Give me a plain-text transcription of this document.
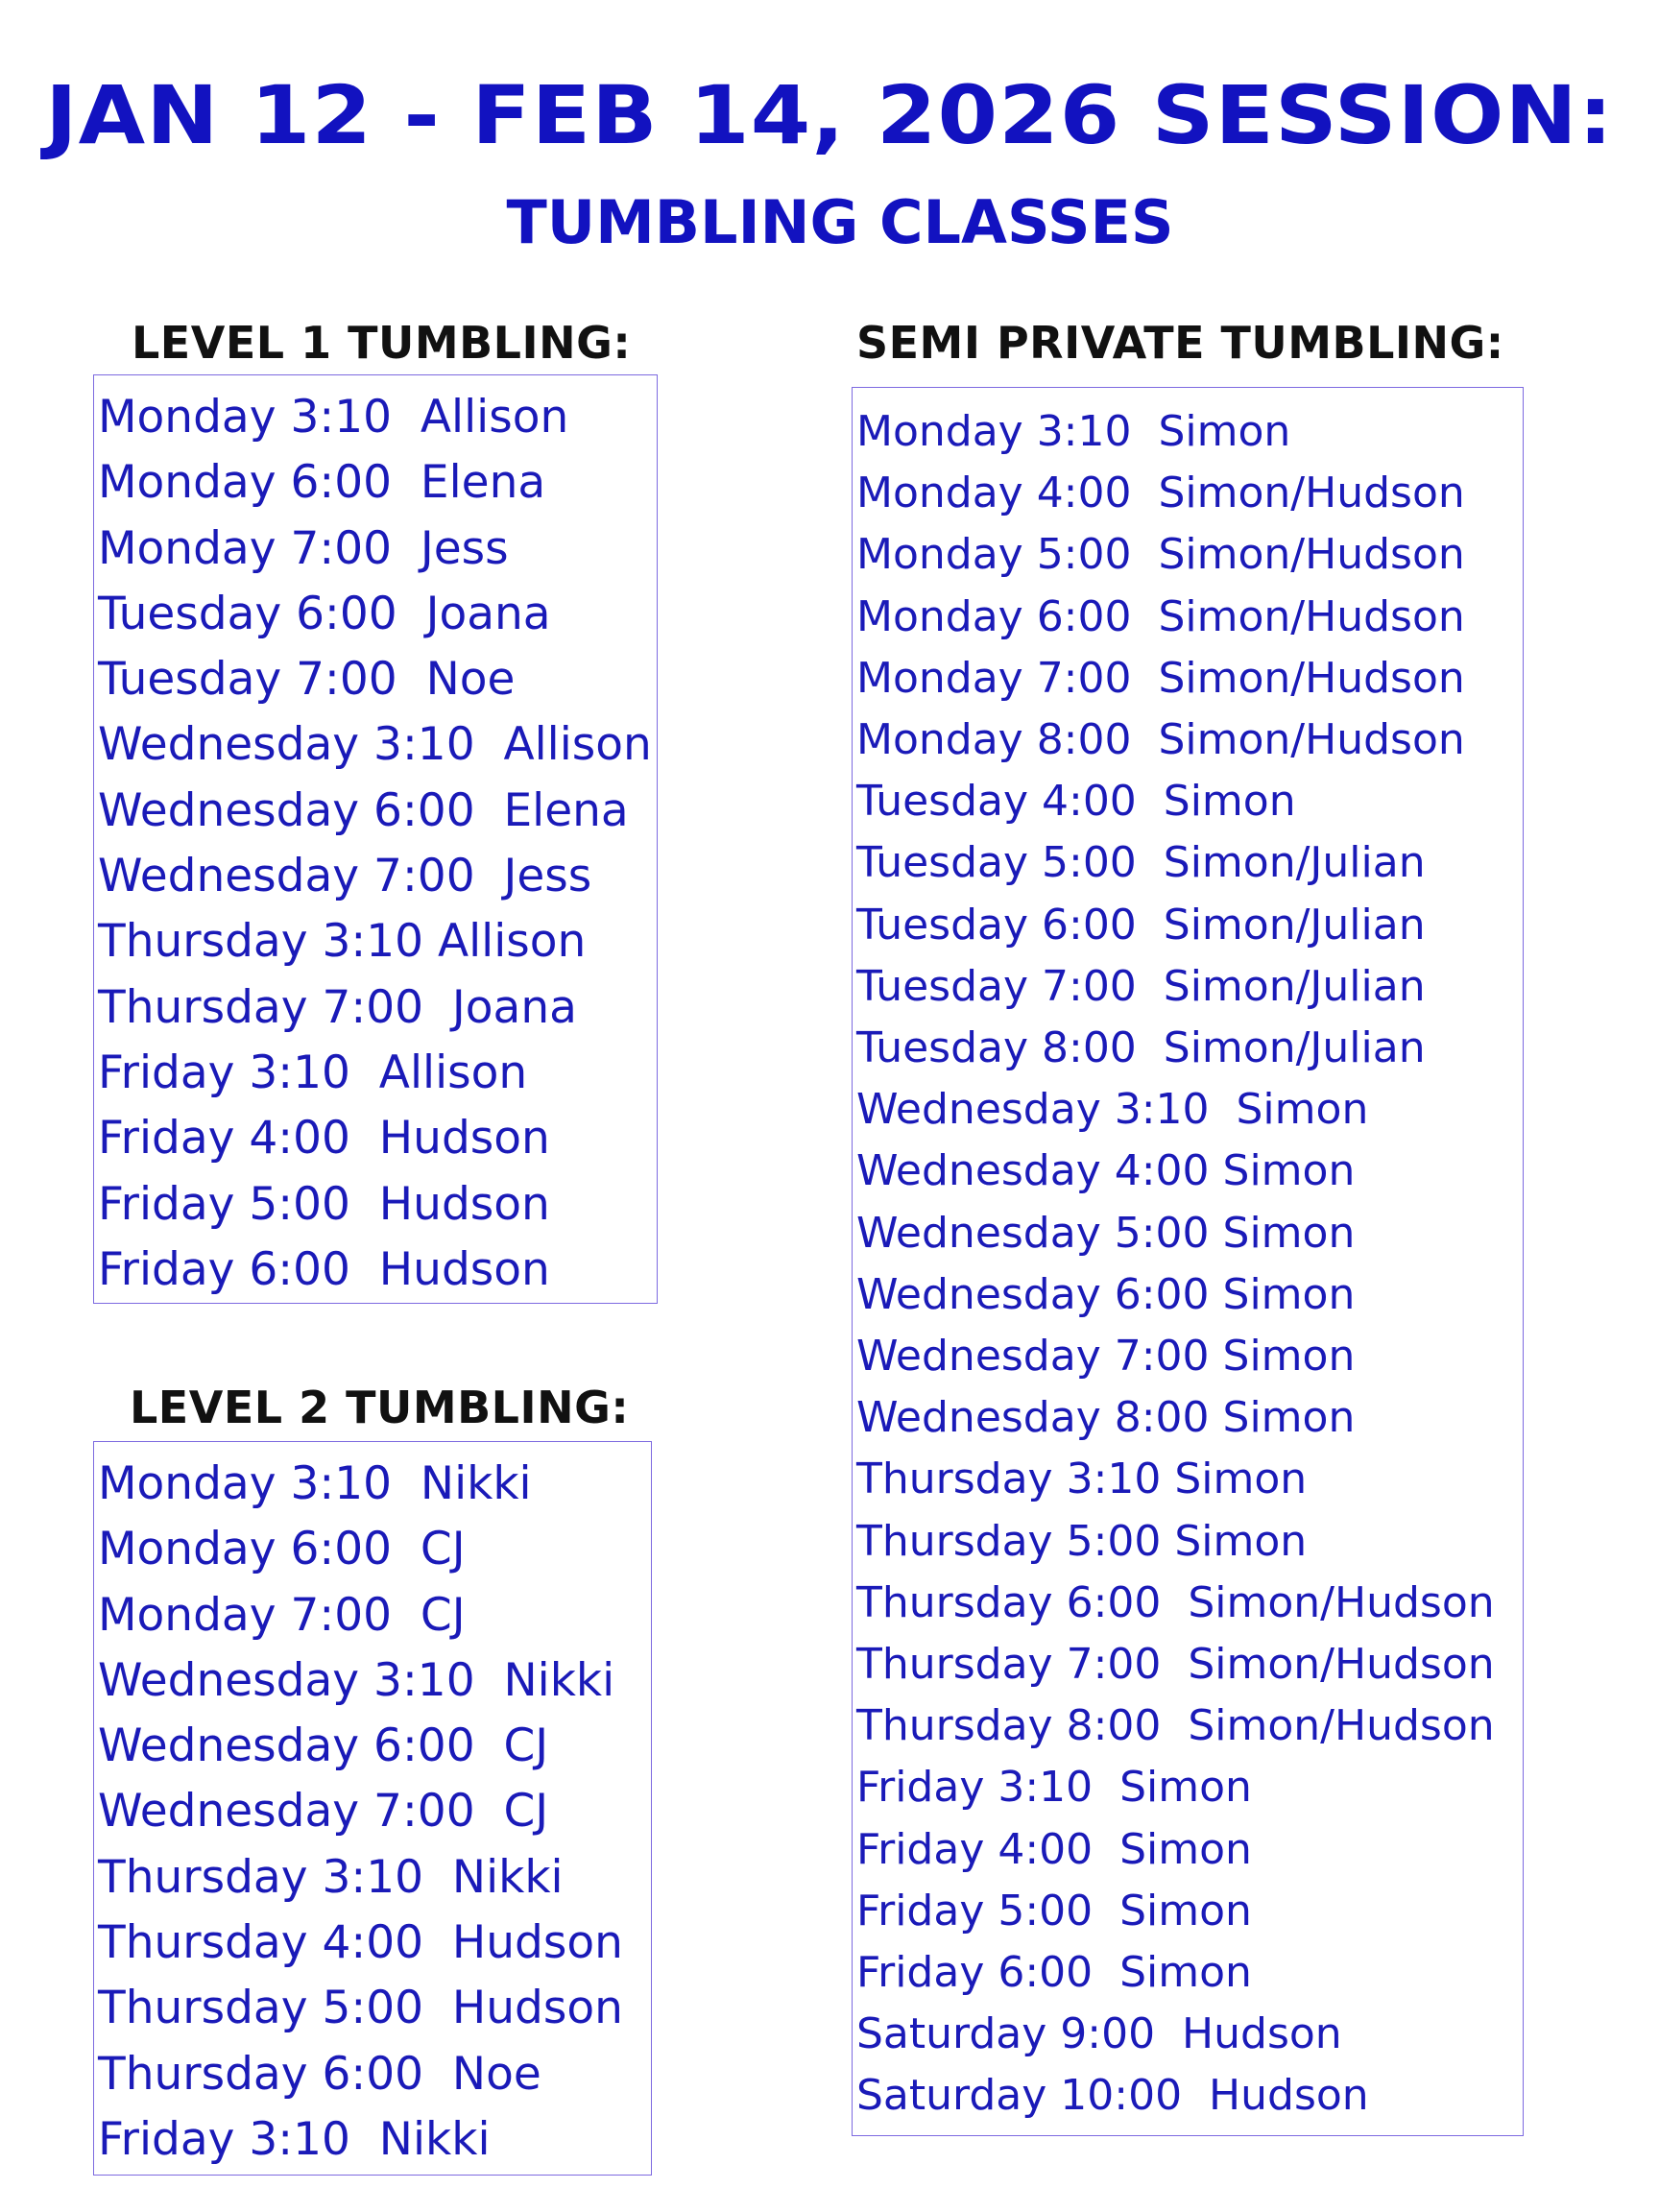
JAN 12 - FEB 14, 2026 SESSION:
TUMBLING CLASSES
LEVEL 1 TUMBLING:
Monday 3:10  Allison
Monday 6:00  Elena
Monday 7:00  Jess
Tuesday 6:00  Joana
Tuesday 7:00  Noe
Wednesday 3:10  Allison
Wednesday 6:00  Elena
Wednesday 7:00  Jess
Thursday 3:10 Allison
Thursday 7:00  Joana
Friday 3:10  Allison
Friday 4:00  Hudson
Friday 5:00  Hudson
Friday 6:00  Hudson
LEVEL 2 TUMBLING:
Monday 3:10  Nikki
Monday 6:00  CJ
Monday 7:00  CJ
Wednesday 3:10  Nikki
Wednesday 6:00  CJ
Wednesday 7:00  CJ
Thursday 3:10  Nikki
Thursday 4:00  Hudson
Thursday 5:00  Hudson
Thursday 6:00  Noe
Friday 3:10  Nikki
SEMI PRIVATE TUMBLING:
Monday 3:10  Simon
Monday 4:00  Simon/Hudson
Monday 5:00  Simon/Hudson
Monday 6:00  Simon/Hudson
Monday 7:00  Simon/Hudson
Monday 8:00  Simon/Hudson
Tuesday 4:00  Simon
Tuesday 5:00  Simon/Julian
Tuesday 6:00  Simon/Julian
Tuesday 7:00  Simon/Julian
Tuesday 8:00  Simon/Julian
Wednesday 3:10  Simon
Wednesday 4:00 Simon
Wednesday 5:00 Simon
Wednesday 6:00 Simon
Wednesday 7:00 Simon
Wednesday 8:00 Simon
Thursday 3:10 Simon
Thursday 5:00 Simon
Thursday 6:00  Simon/Hudson
Thursday 7:00  Simon/Hudson
Thursday 8:00  Simon/Hudson
Friday 3:10  Simon
Friday 4:00  Simon
Friday 5:00  Simon
Friday 6:00  Simon
Saturday 9:00  Hudson
Saturday 10:00  Hudson
